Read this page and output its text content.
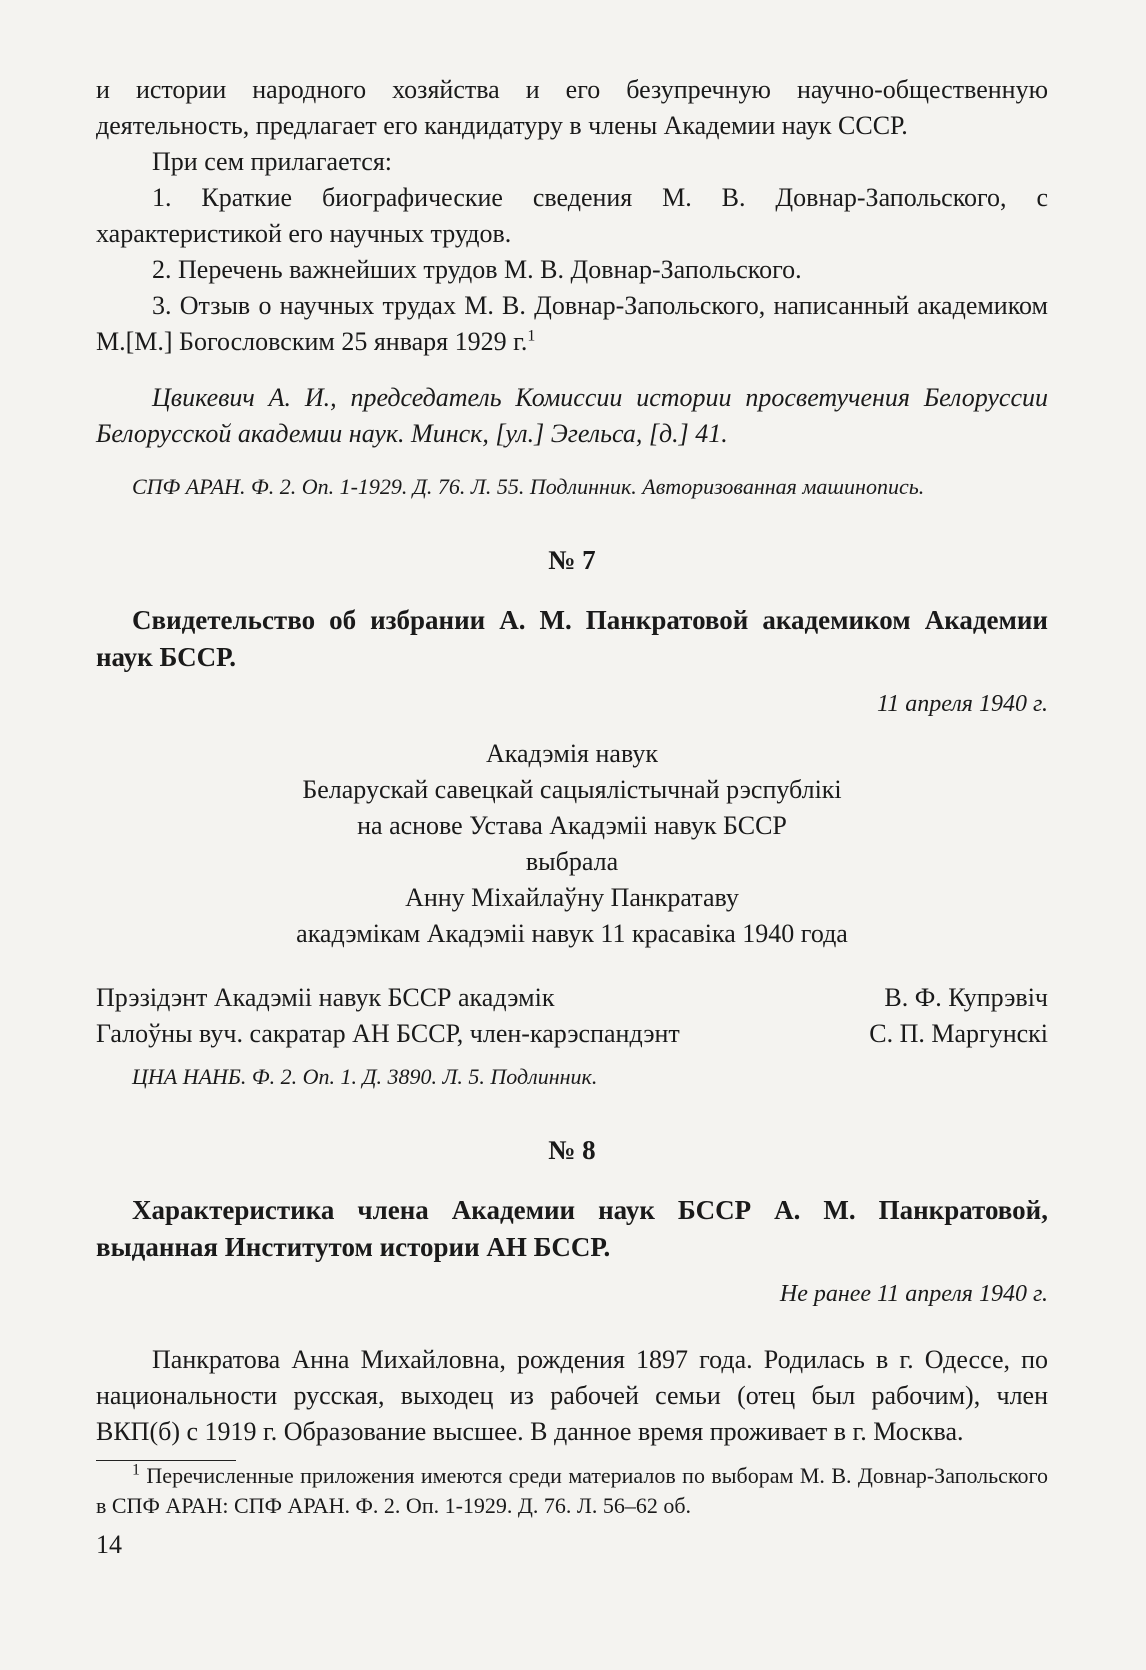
и истории народного хозяйства и его безупречную научно-общественную деятельность, предлагает его кандидатуру в члены Академии наук СССР.

При сем прилагается:

1. Краткие биографические сведения М. В. Довнар-Запольского, с характеристикой его научных трудов.

2. Перечень важнейших трудов М. В. Довнар-Запольского.

3. Отзыв о научных трудах М. В. Довнар-Запольского, написанный академиком М.[М.] Богословским 25 января 1929 г.$^1$

Цвикевич А. И., председатель Комиссии истории просветучения Белоруссии Белорусской академии наук. Минск, [ул.] Эгельса, [д.] 41.

СПФ АРАН. Ф. 2. Оп. 1-1929. Д. 76. Л. 55. Подлинник. Авторизованная машинопись.

№ 7

Свидетельство об избрании А. М. Панкратовой академиком Академии наук БССР.

11 апреля 1940 г.

Акадэмія навук

Беларускай савецкай сацыялістычнай рэспублікі

на аснове Устава Акадэміі навук БССР

выбрала

Анну Міхайлаўну Панкратаву

акадэмікам Акадэміі навук 11 красавіка 1940 года

Прэзідэнт Акадэміі навук БССР акадэмік	В. Ф. Купрэвіч
Галоўны вуч. сакратар АН БССР, член-карэспандэнт	С. П. Маргунскі

ЦНА НАНБ. Ф. 2. Оп. 1. Д. 3890. Л. 5. Подлинник.

№ 8

Характеристика члена Академии наук БССР А. М. Панкратовой, выданная Институтом истории АН БССР.

Не ранее 11 апреля 1940 г.

Панкратова Анна Михайловна, рождения 1897 года. Родилась в г. Одессе, по национальности русская, выходец из рабочей семьи (отец был рабочим), член ВКП(б) с 1919 г. Образование высшее. В данное время проживает в г. Москва.

$^1$ Перечисленные приложения имеются среди материалов по выборам М. В. Довнар-Запольского в СПФ АРАН: СПФ АРАН. Ф. 2. Оп. 1-1929. Д. 76. Л. 56–62 об.

14
